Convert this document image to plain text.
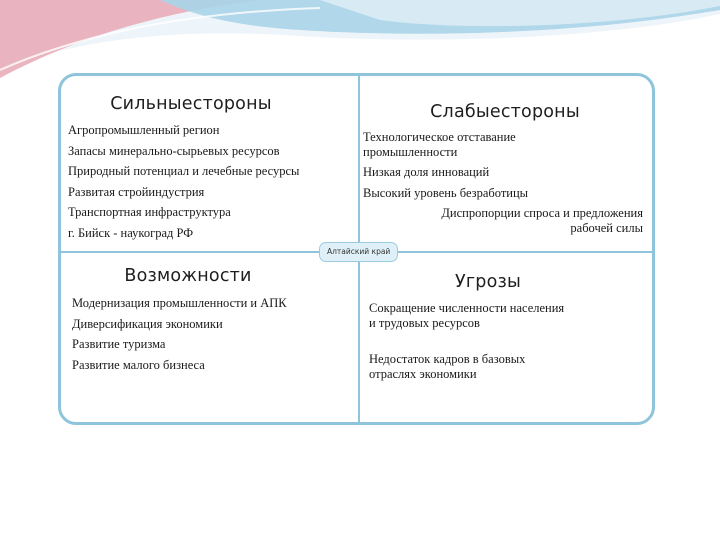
Сильныестороны
Агропромышленный регион
Запасы минерально-сырьевых ресурсов
Природный потенциал и лечебные ресурсы
Развитая стройиндустрия
Транспортная инфраструктура
г. Бийск - наукоград РФ
Слабыестороны
Технологическое отставание
промышленности
Низкая доля инноваций
Высокий уровень безработицы
Диспропорции спроса и предложения
рабочей силы
Возможности
Модернизация промышленности и АПК
Диверсификация экономики
Развитие туризма
Развитие малого бизнеса
Угрозы
Сокращение численности населения
и трудовых ресурсов
Недостаток кадров в базовых
отраслях экономики
Алтайский край
